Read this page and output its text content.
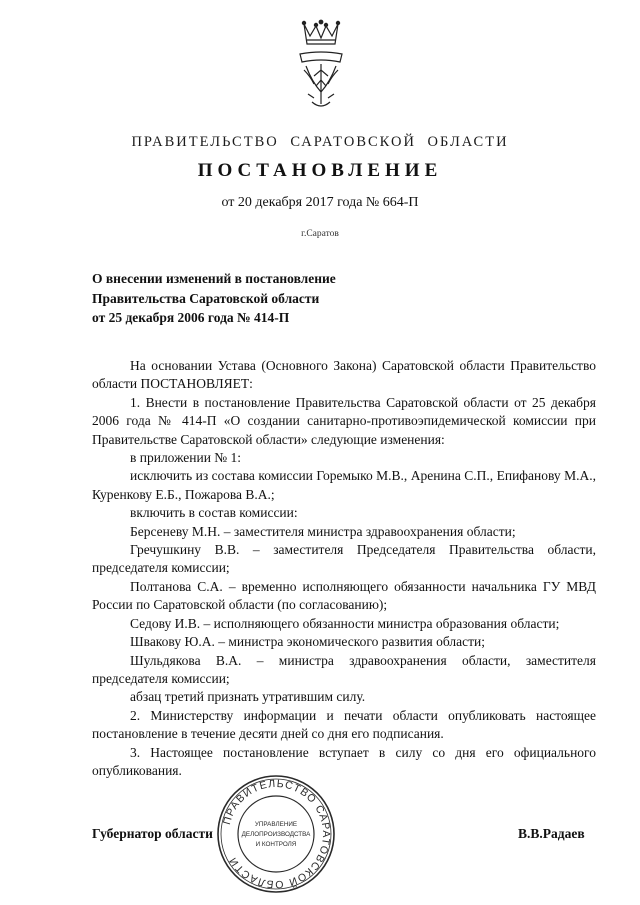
ПРАВИТЕЛЬСТВО САРАТОВСКОЙ ОБЛАСТИ
ПОСТАНОВЛЕНИЕ
от 20 декабря 2017 года № 664-П
г.Саратов
О внесении изменений в постановление
Правительства Саратовской области
от 25 декабря 2006 года № 414-П

На основании Устава (Основного Закона) Саратовской области Правительство области ПОСТАНОВЛЯЕТ:

1. Внести в постановление Правительства Саратовской области от 25 декабря 2006 года № 414-П «О создании санитарно-противоэпидемической комиссии при Правительстве Саратовской области» следующие изменения:

в приложении № 1:

исключить из состава комиссии Горемыко М.В., Аренина С.П., Епифанову М.А., Куренкову Е.Б., Пожарова В.А.;

включить в состав комиссии:

Берсеневу М.Н. – заместителя министра здравоохранения области;

Гречушкину В.В. – заместителя Председателя Правительства области, председателя комиссии;

Полтанова С.А. – временно исполняющего обязанности начальника ГУ МВД России по Саратовской области (по согласованию);

Седову И.В. – исполняющего обязанности министра образования области;

Швакову Ю.А. – министра экономического развития области;

Шульдякова В.А. – министра здравоохранения области, заместителя председателя комиссии;

абзац третий признать утратившим силу.

2. Министерству информации и печати области опубликовать настоящее постановление в течение десяти дней со дня его подписания.

3. Настоящее постановление вступает в силу со дня его официального опубликования.

Губернатор области	В.В.Радаев
ПРАВИТЕЛЬСТВО САРАТОВСКОЙ ОБЛАСТИ
УПРАВЛЕНИЕ
ДЕЛОПРОИЗВОДСТВА
И КОНТРОЛЯ
